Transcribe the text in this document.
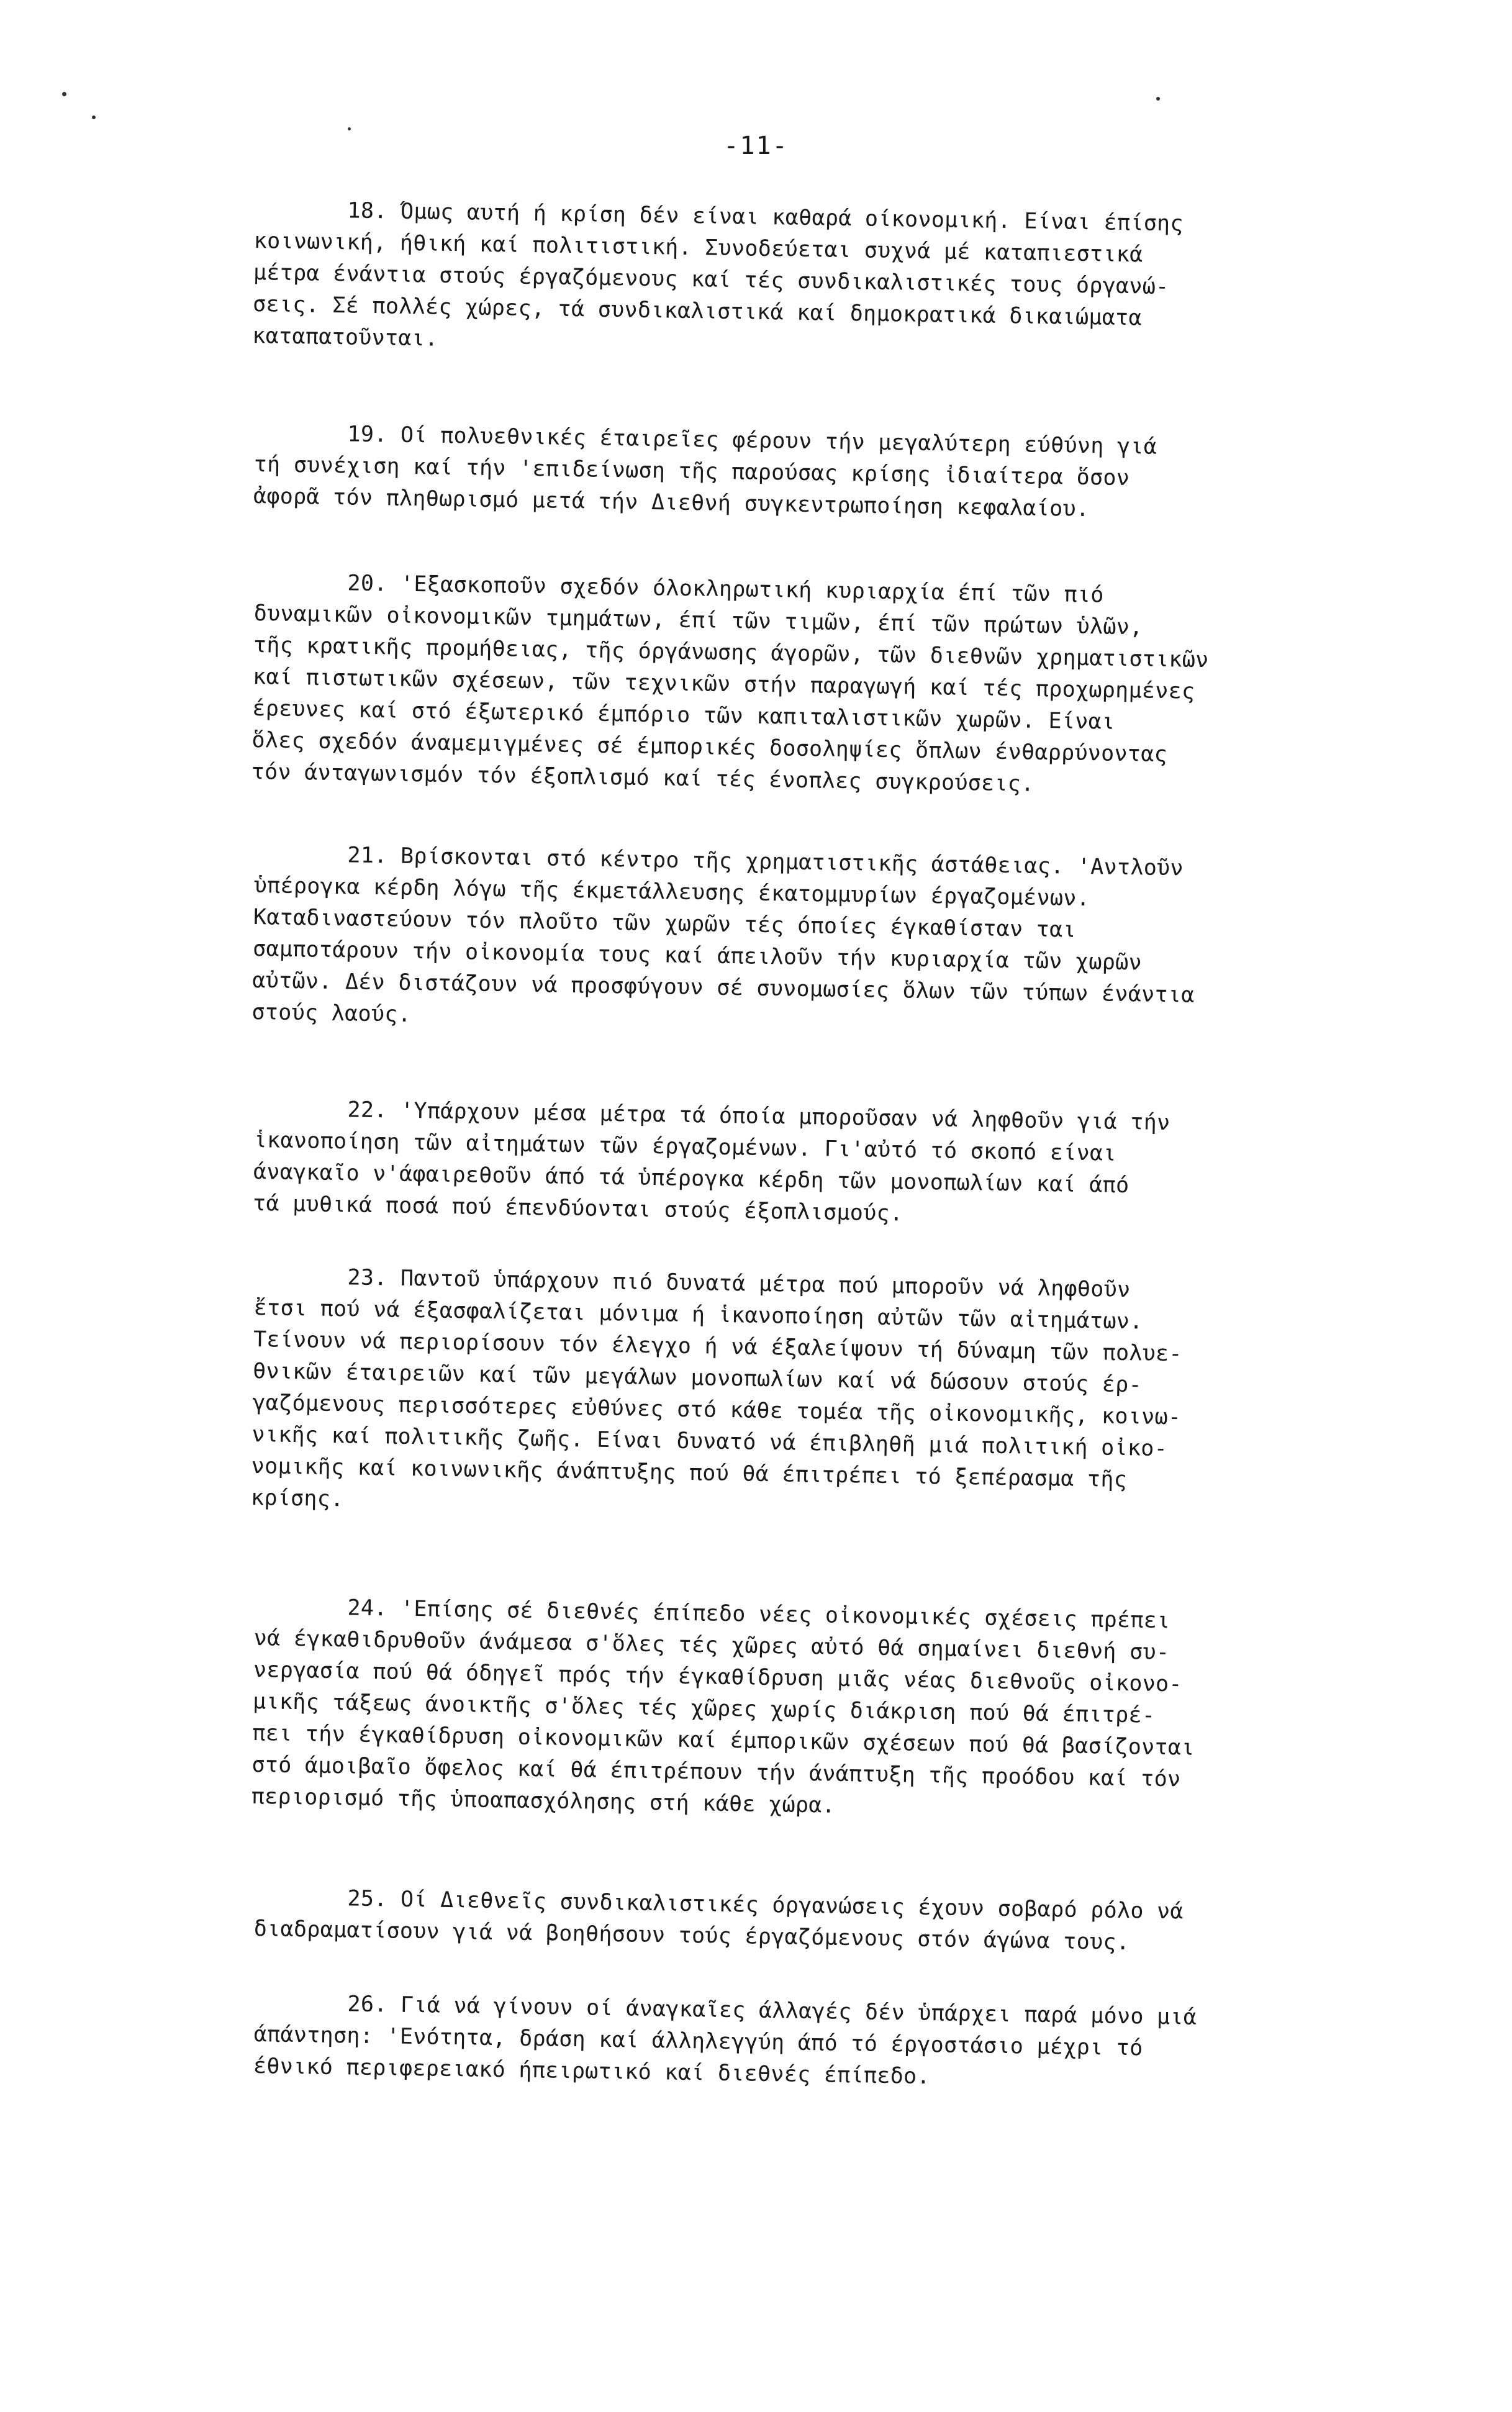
-11-
18. Όμως αυτή ή κρίση δέν είναι καθαρά οίκονομική. Είναι έπίσης
κοινωνική, ήθική καί πολιτιστική. Συνοδεύεται συχνά μέ καταπιεστικά
μέτρα ένάντια στούς έργαζόμενους καί τές συνδικαλιστικές τους όργανώ-
σεις. Σέ πολλές χώρες, τά συνδικαλιστικά καί δημοκρατικά δικαιώματα
καταπατοῦνται.
19. Οί πολυεθνικές έταιρεῖες φέρουν τήν μεγαλύτερη εύθύνη γιά
τή συνέχιση καί τήν 'επιδείνωση τῆς παρούσας κρίσης ἰδιαίτερα ὅσον
ἀφορᾶ τόν πληθωρισμό μετά τήν Διεθνή συγκεντρωποίηση κεφαλαίου.
20. 'Εξασκοποῦν σχεδόν όλοκληρωτική κυριαρχία έπί τῶν πιό
δυναμικῶν οἰκονομικῶν τμημάτων, έπί τῶν τιμῶν, έπί τῶν πρώτων ὑλῶν,
τῆς κρατικῆς προμήθειας, τῆς όργάνωσης άγορῶν, τῶν διεθνῶν χρηματιστικῶν
καί πιστωτικῶν σχέσεων, τῶν τεχνικῶν στήν παραγωγή καί τές προχωρημένες
έρευνες καί στό έξωτερικό έμπόριο τῶν καπιταλιστικῶν χωρῶν. Είναι
ὅλες σχεδόν άναμεμιγμένες σέ έμπορικές δοσοληψίες ὅπλων ένθαρρύνοντας
τόν άνταγωνισμόν τόν έξοπλισμό καί τές ένοπλες συγκρούσεις.
21. Βρίσκονται στό κέντρο τῆς χρηματιστικῆς άστάθειας. 'Αντλοῦν
ὑπέρογκα κέρδη λόγω τῆς έκμετάλλευσης έκατομμυρίων έργαζομένων.
Καταδιναστεύουν τόν πλοῦτο τῶν χωρῶν τές όποίες έγκαθίσταν ται
σαμποτάρουν τήν οἰκονομία τους καί άπειλοῦν τήν κυριαρχία τῶν χωρῶν
αὐτῶν. Δέν διστάζουν νά προσφύγουν σέ συνομωσίες ὅλων τῶν τύπων ένάντια
στούς λαούς.
22. 'Υπάρχουν μέσα μέτρα τά όποία μποροῦσαν νά ληφθοῦν γιά τήν
ἱκανοποίηση τῶν αἰτημάτων τῶν έργαζομένων. Γι'αὐτό τό σκοπό είναι
άναγκαῖο ν'άφαιρεθοῦν άπό τά ὑπέρογκα κέρδη τῶν μονοπωλίων καί άπό
τά μυθικά ποσά πού έπενδύονται στούς έξοπλισμούς.
23. Παντοῦ ὑπάρχουν πιό δυνατά μέτρα πού μποροῦν νά ληφθοῦν
ἔτσι πού νά έξασφαλίζεται μόνιμα ή ἱκανοποίηση αὐτῶν τῶν αἰτημάτων.
Τείνουν νά περιορίσουν τόν έλεγχο ή νά έξαλείψουν τή δύναμη τῶν πολυε-
θνικῶν έταιρειῶν καί τῶν μεγάλων μονοπωλίων καί νά δώσουν στούς έρ-
γαζόμενους περισσότερες εὐθύνες στό κάθε τομέα τῆς οἰκονομικῆς, κοινω-
νικῆς καί πολιτικῆς ζωῆς. Είναι δυνατό νά έπιβληθῆ μιά πολιτική οἰκο-
νομικῆς καί κοινωνικῆς άνάπτυξης πού θά έπιτρέπει τό ξεπέρασμα τῆς
κρίσης.
24. 'Επίσης σέ διεθνές έπίπεδο νέες οἰκονομικές σχέσεις πρέπει
νά έγκαθιδρυθοῦν άνάμεσα σ'ὅλες τές χῶρες αὐτό θά σημαίνει διεθνή συ-
νεργασία πού θά όδηγεῖ πρός τήν έγκαθίδρυση μιᾶς νέας διεθνοῦς οἰκονο-
μικῆς τάξεως άνοικτῆς σ'ὅλες τές χῶρες χωρίς διάκριση πού θά έπιτρέ-
πει τήν έγκαθίδρυση οἰκονομικῶν καί έμπορικῶν σχέσεων πού θά βασίζονται
στό άμοιβαῖο ὄφελος καί θά έπιτρέπουν τήν άνάπτυξη τῆς προόδου καί τόν
περιορισμό τῆς ὑποαπασχόλησης στή κάθε χώρα.
25. Οί Διεθνεῖς συνδικαλιστικές όργανώσεις έχουν σοβαρό ρόλο νά
διαδραματίσουν γιά νά βοηθήσουν τούς έργαζόμενους στόν άγώνα τους.
26. Γιά νά γίνουν οί άναγκαῖες άλλαγές δέν ὑπάρχει παρά μόνο μιά
άπάντηση: 'Ενότητα, δράση καί άλληλεγγύη άπό τό έργοστάσιο μέχρι τό
έθνικό περιφερειακό ήπειρωτικό καί διεθνές έπίπεδο.
